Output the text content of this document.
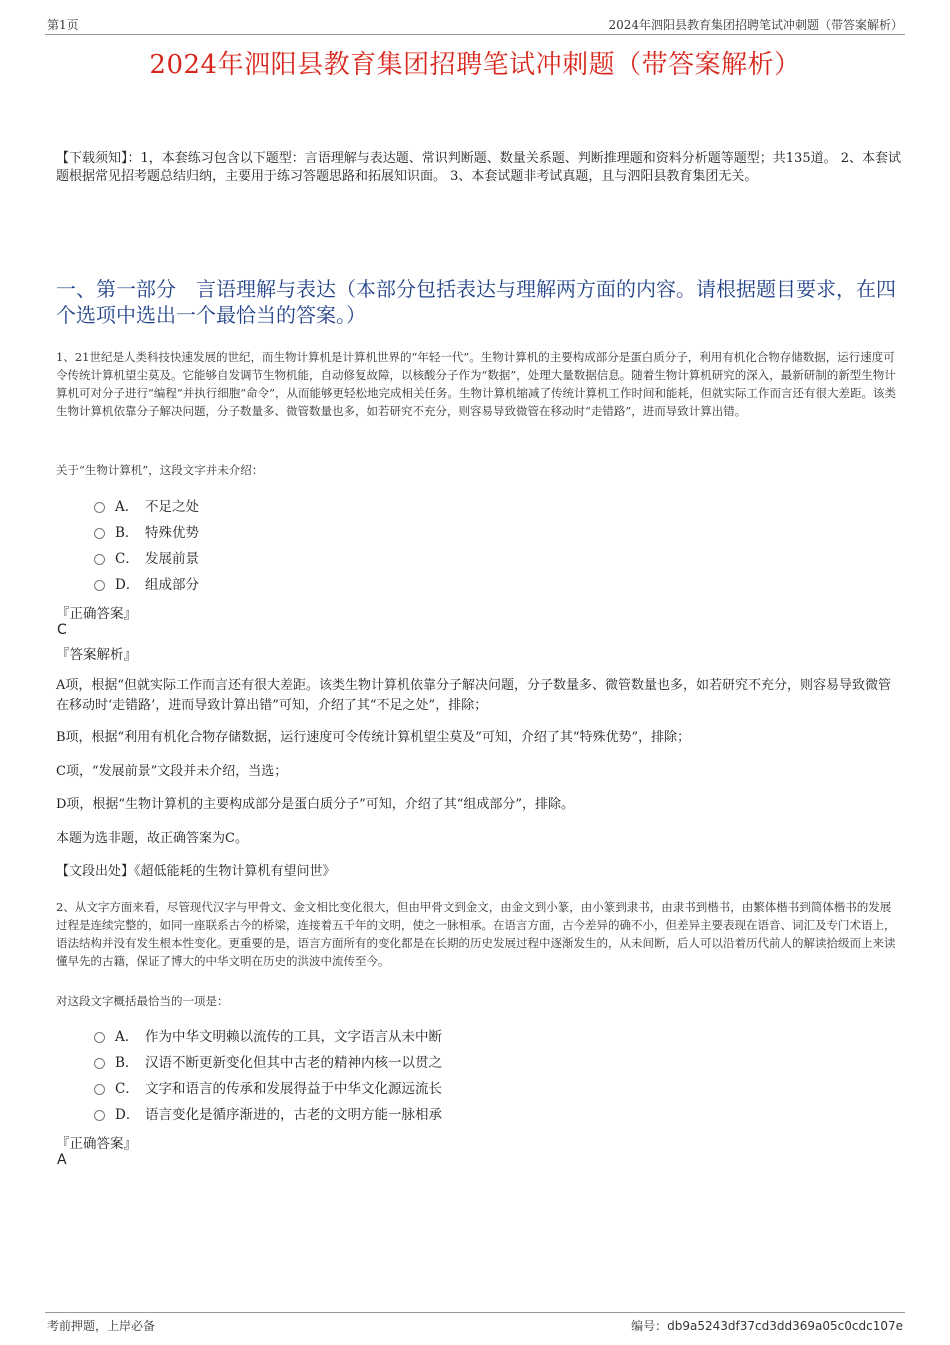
第1页	2024年泗阳县教育集团招聘笔试冲刺题（带答案解析）
2024年泗阳县教育集团招聘笔试冲刺题（带答案解析）
【下载须知】：1，本套练习包含以下题型：言语理解与表达题、常识判断题、数量关系题、判断推理题和资料分析题等题型；共135道。 2、本套试题根据常见招考题总结归纳，主要用于练习答题思路和拓展知识面。 3、本套试题非考试真题，且与泗阳县教育集团无关。
一、第一部分　言语理解与表达（本部分包括表达与理解两方面的内容。请根据题目要求，在四个选项中选出一个最恰当的答案。）
1、21世纪是人类科技快速发展的世纪，而生物计算机是计算机世界的“年轻一代”。生物计算机的主要构成部分是蛋白质分子，利用有机化合物存储数据，运行速度可令传统计算机望尘莫及。它能够自发调节生物机能，自动修复故障，以核酸分子作为“数据”，处理大量数据信息。随着生物计算机研究的深入，最新研制的新型生物计算机可对分子进行“编程”并执行细胞“命令”，从而能够更轻松地完成相关任务。生物计算机缩减了传统计算机工作时间和能耗，但就实际工作而言还有很大差距。该类生物计算机依靠分子解决问题，分子数量多、微管数量也多，如若研究不充分，则容易导致微管在移动时“走错路”，进而导致计算出错。
关于“生物计算机”，这段文字并未介绍：
A． 不足之处
B． 特殊优势
C． 发展前景
D． 组成部分
『正确答案』
C
『答案解析』
A项，根据“但就实际工作而言还有很大差距。该类生物计算机依靠分子解决问题，分子数量多、微管数量也多，如若研究不充分，则容易导致微管在移动时‘走错路’，进而导致计算出错”可知，介绍了其“不足之处”，排除；
B项，根据“利用有机化合物存储数据，运行速度可令传统计算机望尘莫及”可知，介绍了其“特殊优势”，排除；
C项，“发展前景”文段并未介绍，当选；
D项，根据“生物计算机的主要构成部分是蛋白质分子”可知，介绍了其“组成部分”，排除。
本题为选非题，故正确答案为C。
【文段出处】《超低能耗的生物计算机有望问世》
2、从文字方面来看，尽管现代汉字与甲骨文、金文相比变化很大，但由甲骨文到金文，由金文到小篆，由小篆到隶书，由隶书到楷书，由繁体楷书到简体楷书的发展过程是连续完整的，如同一座联系古今的桥梁，连接着五千年的文明，使之一脉相承。在语言方面，古今差异的确不小，但差异主要表现在语音、词汇及专门术语上，语法结构并没有发生根本性变化。更重要的是，语言方面所有的变化都是在长期的历史发展过程中逐渐发生的，从未间断，后人可以沿着历代前人的解读拾级而上来读懂早先的古籍，保证了博大的中华文明在历史的洪波中流传至今。
对这段文字概括最恰当的一项是：
A． 作为中华文明赖以流传的工具，文字语言从未中断
B． 汉语不断更新变化但其中古老的精神内核一以贯之
C． 文字和语言的传承和发展得益于中华文化源远流长
D． 语言变化是循序渐进的，古老的文明方能一脉相承
『正确答案』
A
考前押题，上岸必备	编号：db9a5243df37cd3dd369a05c0cdc107e
